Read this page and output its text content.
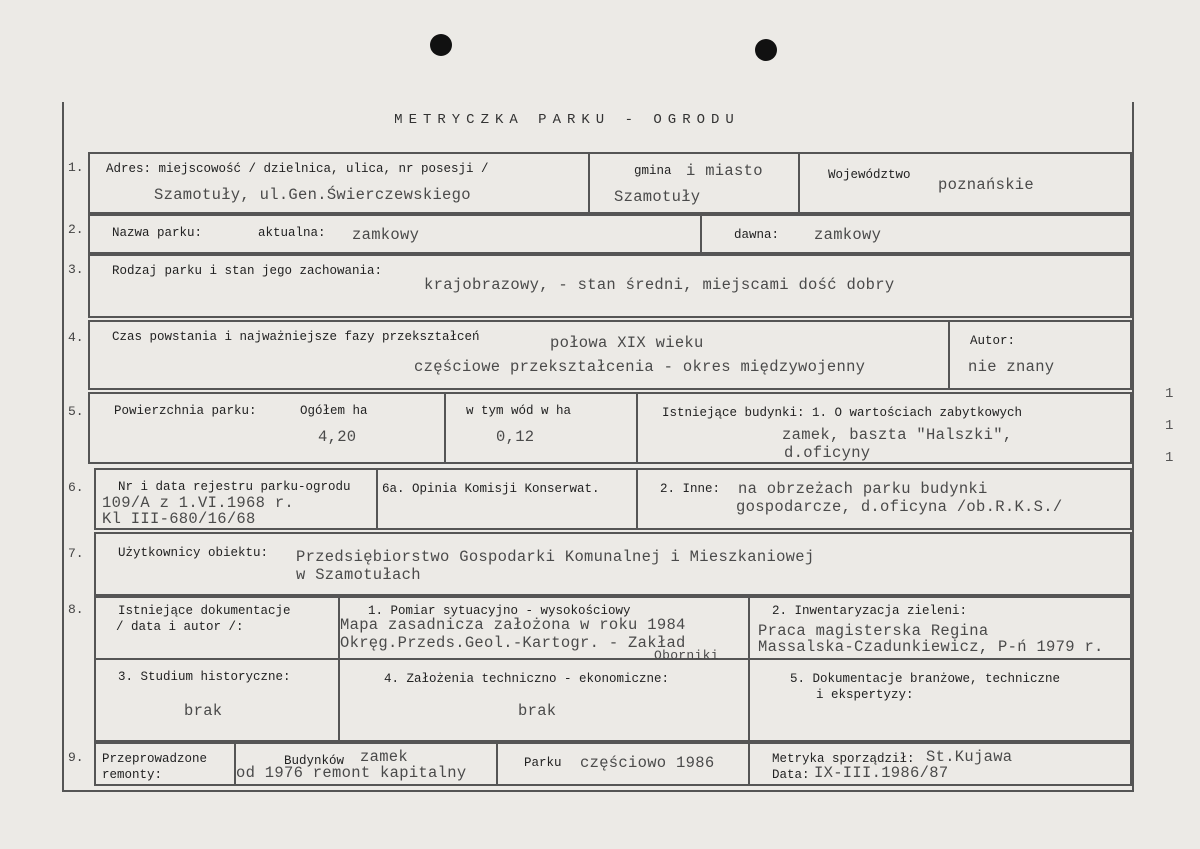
1
1
1
METRYCZKA PARKU - OGRODU
1. Adres: miejscowość / dzielnica, ulica, nr posesji /
Szamotuły, ul.Gen.Świerczewskiego
gmina i miasto
Szamotuły
Województwo
poznańskie
2. Nazwa parku:	aktualna: zamkowy	dawna: zamkowy
3. Rodzaj parku i stan jego zachowania:
krajobrazowy, - stan średni, miejscami dość dobry
4. Czas powstania i najważniejsze fazy przekształceń	połowa XIX wieku
częściowe przekształcenia - okres międzywojenny
Autor:
nie znany
5. Powierzchnia parku:	Ogółem ha
4,20
w tym wód w ha
0,12
Istniejące budynki: 1. O wartościach zabytkowych
zamek, baszta "Halszki",
d.oficyny
6.	Nr i data rejestru parku-ogrodu
109/A z 1.VI.1968 r.
Kl III-680/16/68
6a. Opinia Komisji Konserwat.	2. Inne: na obrzeżach parku budynki
gospodarcze, d.oficyna /ob.R.K.S./
7.	Użytkownicy obiektu: Przedsiębiorstwo Gospodarki Komunalnej i Mieszkaniowej
w Szamotułach
8.	Istniejące dokumentacje
/ data i autor /:
1. Pomiar sytuacyjno - wysokościowy
Mapa zasadnicza założona w roku 1984
Okręg.Przeds.Geol.-Kartogr. - Zakład
Oborniki
2. Inwentaryzacja zieleni:
Praca magisterska Regina
Massalska-Czadunkiewicz, P-ń 1979 r.
3. Studium historyczne:
brak
4. Założenia techniczno - ekonomiczne:
brak
5. Dokumentacje branżowe, techniczne
i ekspertyzy:
9. Przeprowadzone
remonty:
Budynków zamek
od 1976 remont kapitalny
Parku częściowo 1986	Metryka sporządził: St.Kujawa
Data: IX-III.1986/87
